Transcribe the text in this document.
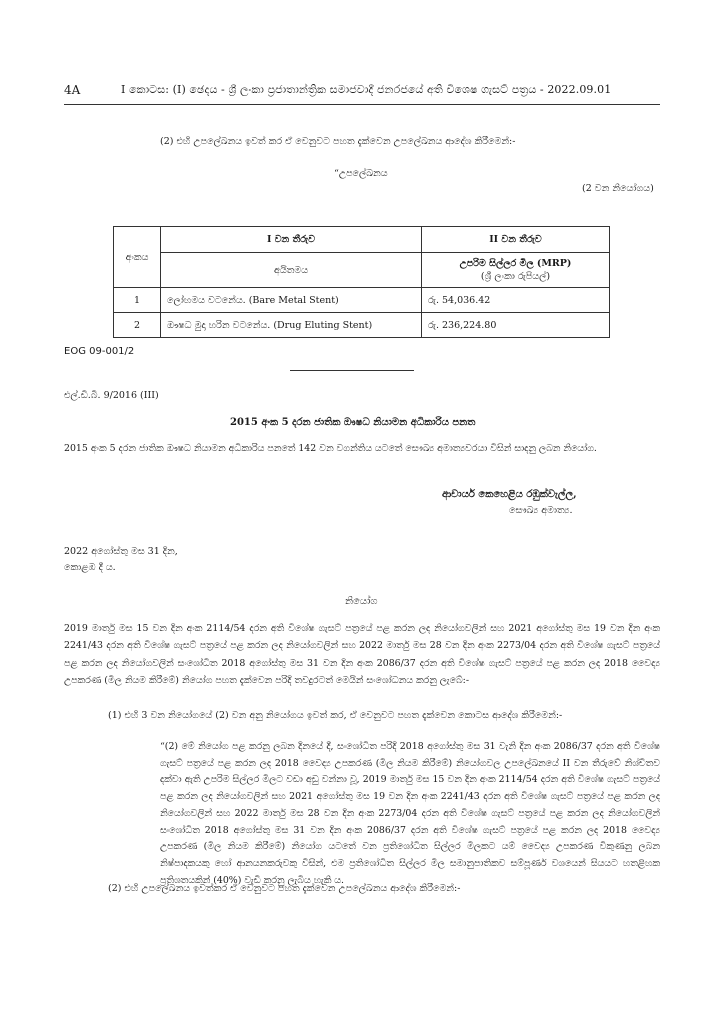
4A	I කොටස: (I) ඡෙදය - ශ්‍රී ලංකා ප්‍රජාතාන්ත්‍රික සමාජවාදී ජනරජයේ අති විශෙෂ ගැසට් පත්‍රය - 2022.09.01
(2) එහි උපලේඛනය ඉවත් කර ඒ වෙනුවට පහත දැක්වෙන උපලේඛනය ආදේශ කිරීමෙන්:-
“උපලේඛනය
(2 වන නියෝගය)
අංකය	I වන තීරුව	II වන තීරුව
	අයිතමය	උපරිම සිල්ලර මිල (MRP)
(ශ්‍රී ලංකා රුපියල්)

1	ලෝහමය වටනේය. (Bare Metal Stent)	රු. 54,036.42
2	ඖෂධ මුදා හරින වටනේය. (Drug Eluting Stent)	රු. 236,224.80
EOG 09-001/2
එල්.ඩී.බී. 9/2016 (III)
2015 අංක 5 දරන ජාතික ඖෂධ නියාමන අධිකාරිය පනත
2015 අංක 5 දරන ජාතික ඖෂධ නියාමන අධිකාරිය පනතේ 142 වන වගන්තිය යටතේ සෞඛ්‍ය අමාත්‍යවරයා විසින් සාදනු ලබන නියෝග.
ආචාර්ය කෙහෙළිය රඹුක්වැල්ල,
සෞඛ්‍ය අමාත්‍ය.
2022 අගෝස්තු මස 31 දින,
කොළඹ දී ය.
නියෝග
2019 මාර්තු මස 15 වන දින අංක 2114/54 දරන අති විශේෂ ගැසට් පත්‍රයේ පළ කරන ලද නියෝගවලින් සහ 2021 අගෝස්තු මස 19 වන දින අංක 2241/43 දරන අති විශේෂ ගැසට් පත්‍රයේ පළ කරන ලද නියෝගවලින් සහ 2022 මාර්තු මස 28 වන දින අංක 2273/04 දරන අති විශේෂ ගැසට් පත්‍රයේ පළ කරන ලද නියෝගවලින් සංශෝධිත 2018 අගෝස්තු මස 31 වන දින අංක 2086/37 දරන අති විශේෂ ගැසට් පත්‍රයේ පළ කරන ලද 2018 වෛද්‍ය උපකරණ (මිල නියම කිරීමේ) නියෝග පහත දැක්වෙන පරිදි තවදුරටත් මෙයින් සංශෝධනය කරනු ලැබේ:-
(1) එහි 3 වන නියෝගයේ (2) වන අනු නියෝගය ඉවත් කර, ඒ වෙනුවට පහත දැක්වෙන කොටස ආදේශ කිරීමෙන්:-
“(2) මේ නියෝග පළ කරනු ලබන දිනයේ දී, සංශෝධිත පරිදි 2018 අගෝස්තු මස 31 වැනි දින අංක 2086/37 දරන අති විශේෂ ගැසට් පත්‍රයේ පළ කරන ලද 2018 වෛද්‍ය උපකරණ (මිල නියම කිරීමේ) නියෝගවල උපලේඛනයේ II වන තීරුවේ නිශ්චිතව දක්වා ඇති උපරිම සිල්ලර මිලට වඩා අඩු වන්නා වූ, 2019 මාර්තු මස 15 වන දින අංක 2114/54 දරන අති විශේෂ ගැසට් පත්‍රයේ පළ කරන ලද නියෝගවලින් සහ 2021 අගෝස්තු මස 19 වන දින අංක 2241/43 දරන අති විශේෂ ගැසට් පත්‍රයේ පළ කරන ලද නියෝගවලින් සහ 2022 මාර්තු මස 28 වන දින අංක 2273/04 දරන අති විශේෂ ගැසට් පත්‍රයේ පළ කරන ලද නියෝගවලින් සංශෝධිත 2018 අගෝස්තු මස 31 වන දින අංක 2086/37 දරන අති විශේෂ ගැසට් පත්‍රයේ පළ කරන ලද 2018 වෛද්‍ය උපකරණ (මිල නියම කිරීමේ) නියෝග යටතේ වන ප්‍රතිශෝධිත සිල්ලර මිලකට යම් වෛද්‍ය උපකරණ විකුණනු ලබන නිෂ්පාදකයකු හෝ ආනයනකරුවකු විසින්, එම ප්‍රතිශෝධිත සිල්ලර මිල සමානුපාතිකව සම්පූර්ණ වශයෙන් සියයට හතළිහක ප්‍රතිශතයකින් (40%) වැඩි කරනු ලැබිය හැකි ය.
(2) එහි උපලේඛනය ඉවත්කර ඒ වෙනුවට පහත දැක්වෙන උපලේඛනය ආදේශ කිරීමෙන්:-
